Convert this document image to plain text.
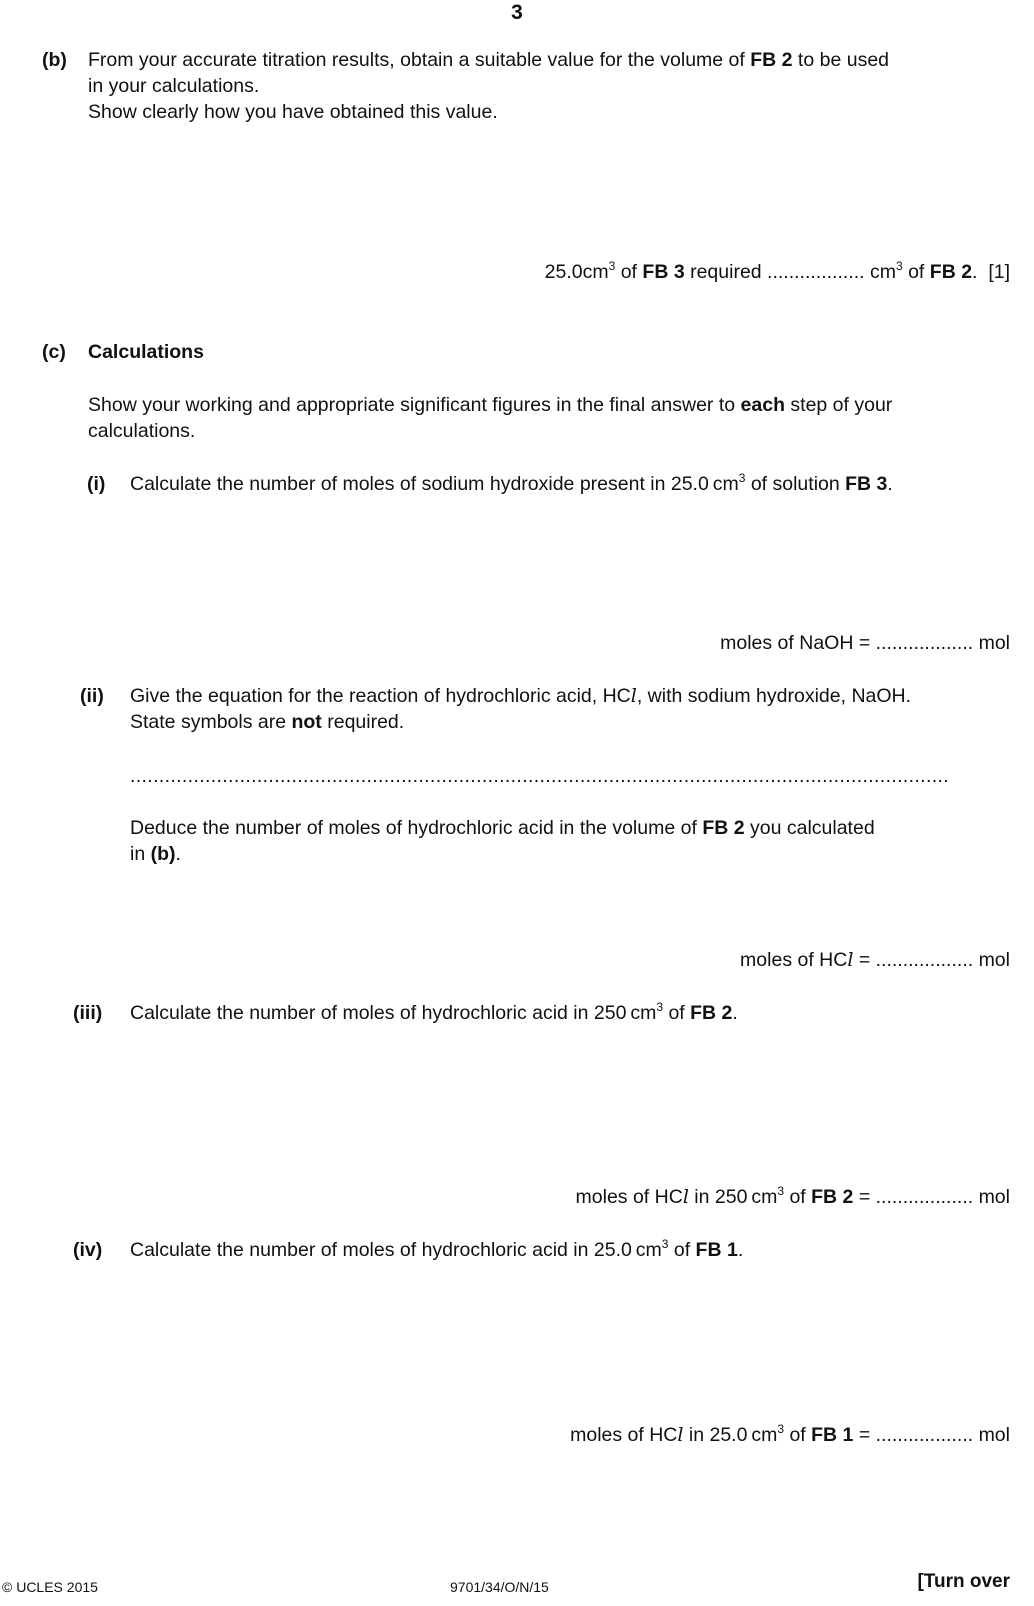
3
(b) From your accurate titration results, obtain a suitable value for the volume of FB 2 to be used
in your calculations.
Show clearly how you have obtained this value.
$25.0cm^3$ of FB 3 required .................. $cm^3$ of FB 2. [1]
(c) Calculations
Show your working and appropriate significant figures in the final answer to each step of your
calculations.
(i) Calculate the number of moles of sodium hydroxide present in 25.0 $cm^3$ of solution FB 3.
moles of NaOH = .................. mol
(ii) Give the equation for the reaction of hydrochloric acid, HCl, with sodium hydroxide, NaOH.
State symbols are not required.
..............................................................................................................................................
Deduce the number of moles of hydrochloric acid in the volume of FB 2 you calculated
in (b).
moles of HCl = .................. mol
(iii) Calculate the number of moles of hydrochloric acid in 250 $cm^3$ of FB 2.
moles of HCl in 250 $cm^3$ of FB 2 = .................. mol
(iv) Calculate the number of moles of hydrochloric acid in 25.0 $cm^3$ of FB 1.
moles of HCl in 25.0 $cm^3$ of FB 1 = .................. mol
© UCLES 2015	9701/34/O/N/15	[Turn over
